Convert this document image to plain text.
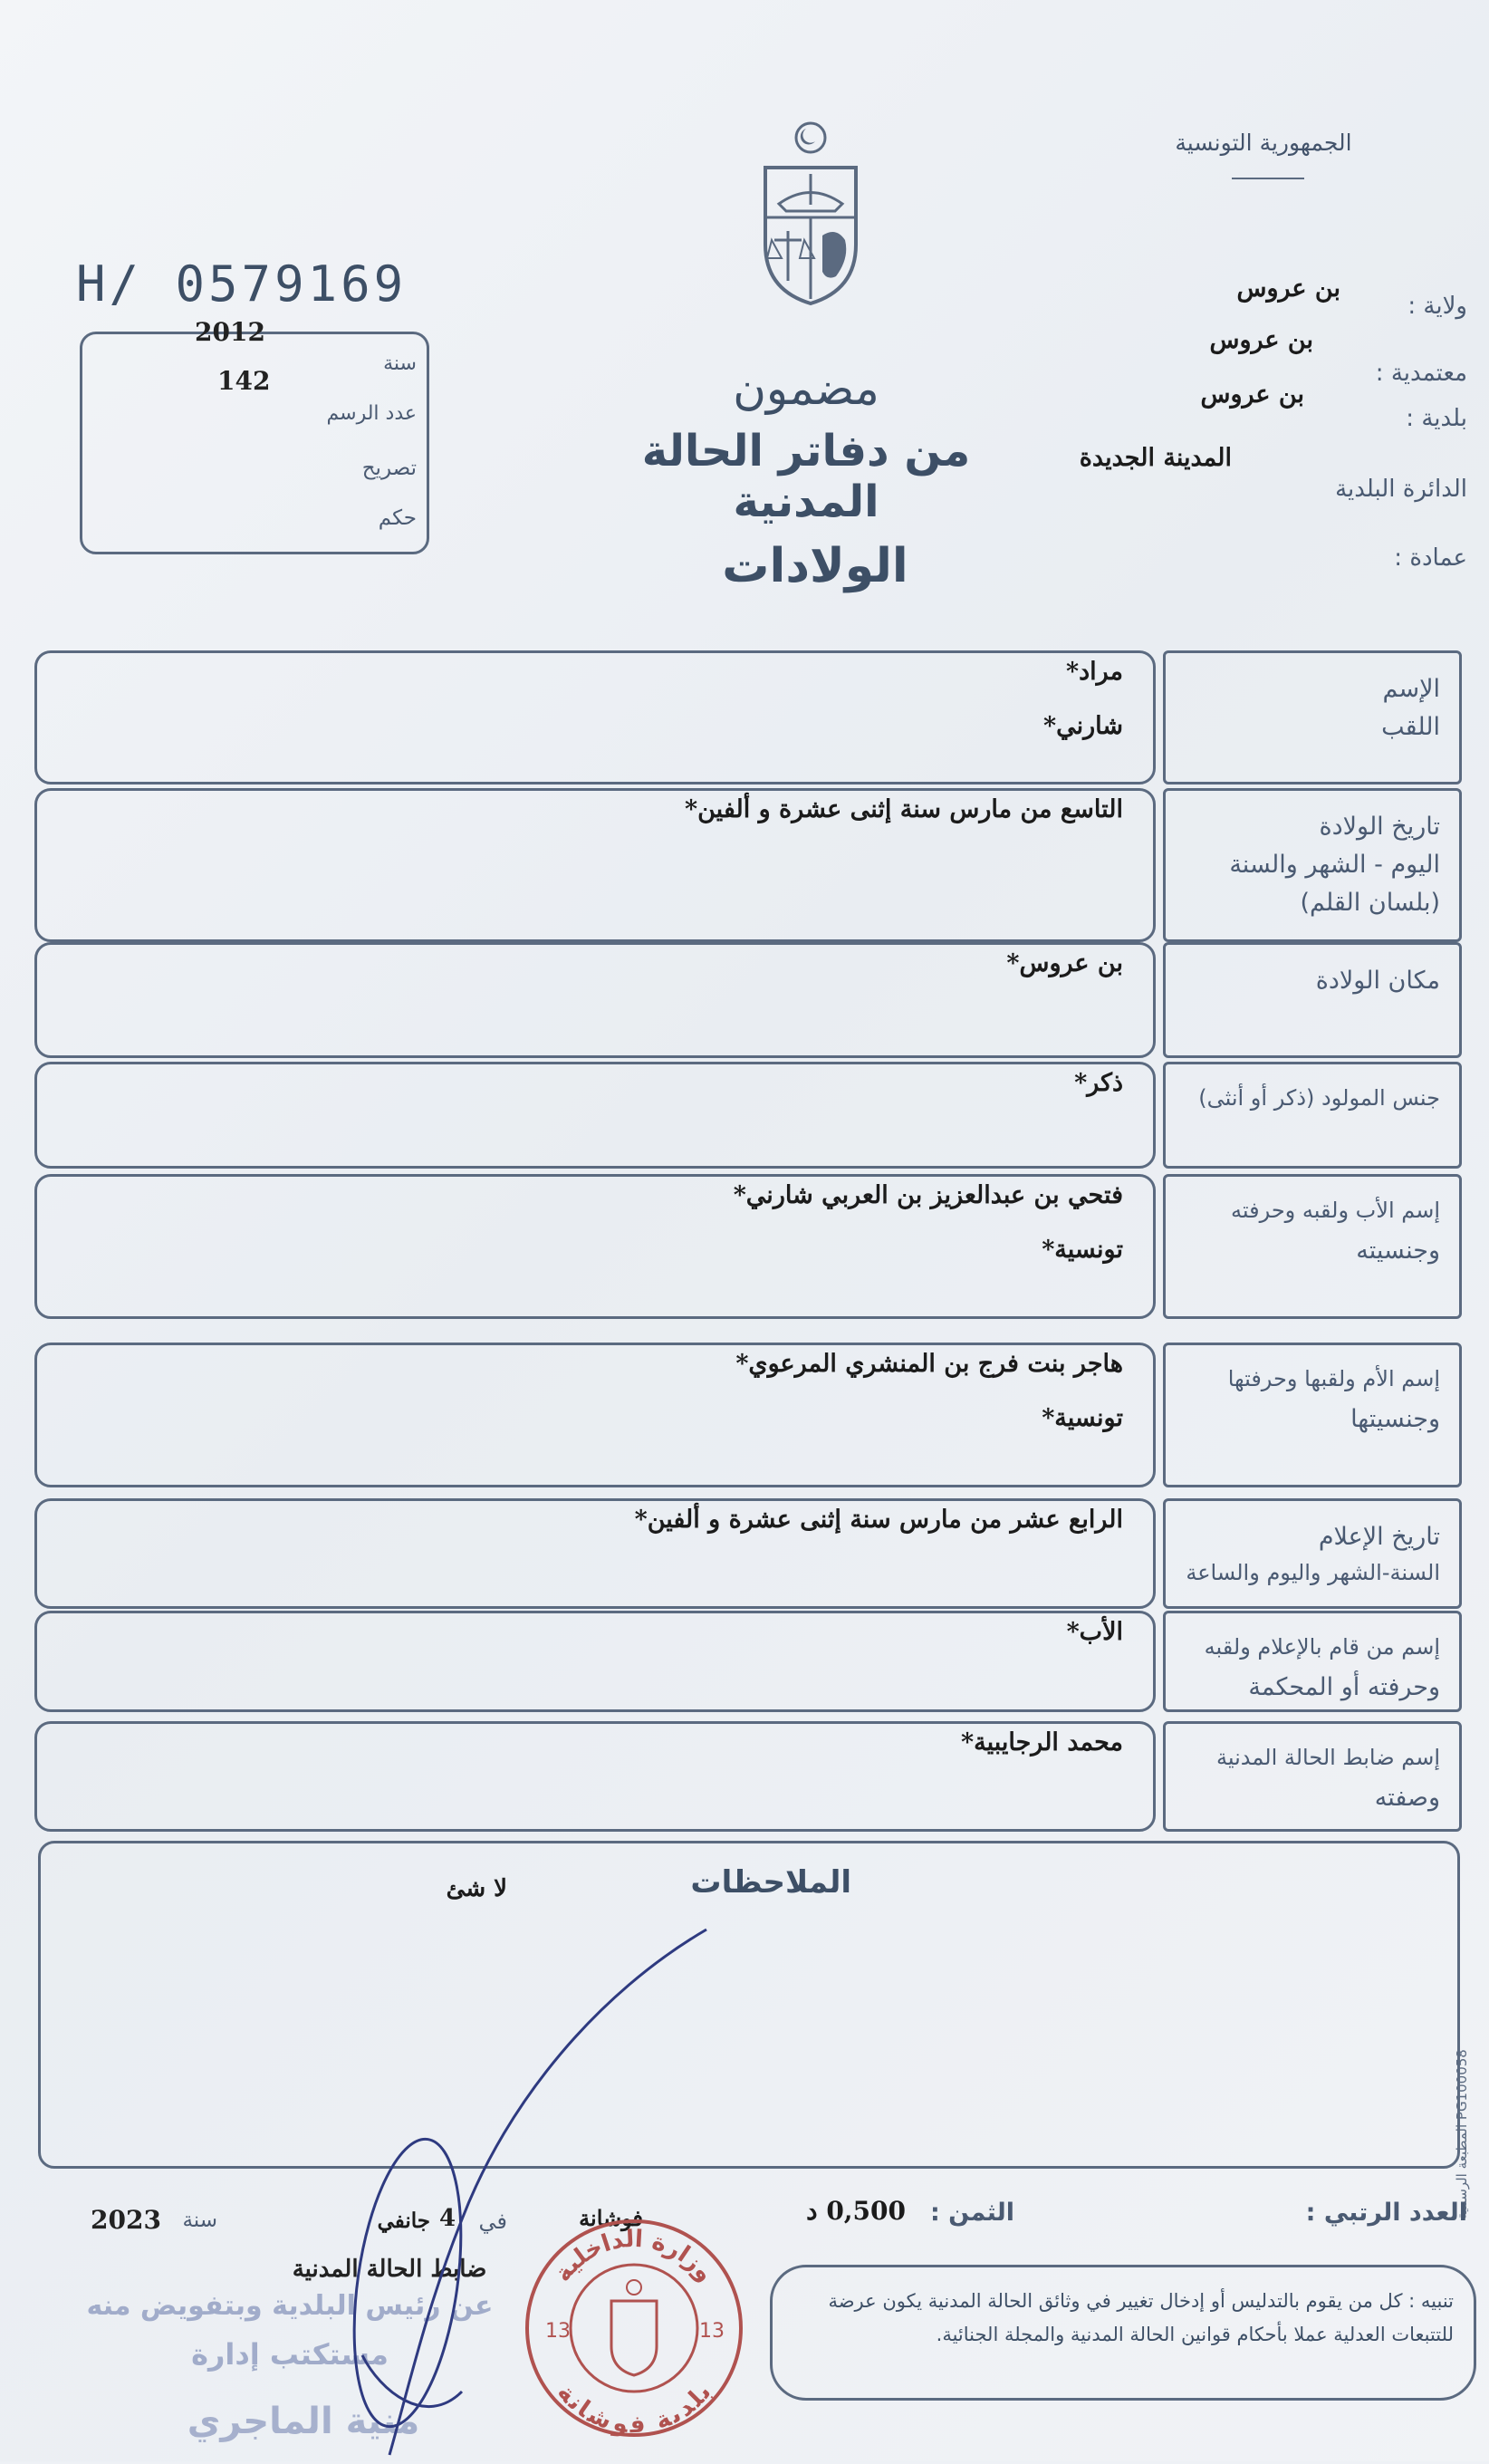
الجمهورية التونسية
H/ 0579169
2012
سنة
142
عدد الرسم
تصريح
حكم
ولاية :
بن عروس
معتمدية :
بن عروس
بلدية :
بن عروس
الدائرة البلدية
المدينة الجديدة
عمادة :
مضمون
من دفاتر الحالة المدنية
الولادات
الإسم
اللقب
مراد*
شارني*
تاريخ الولادة
اليوم - الشهر والسنة
(بلسان القلم)
التاسع من مارس سنة إثنى عشرة و ألفين*
مكان الولادة
بن عروس*
جنس المولود (ذكر أو أنثى)
ذكر*
إسم الأب ولقبه وحرفته
وجنسيته
فتحي بن عبدالعزيز بن العربي شارني*
تونسية*
إسم الأم ولقبها وحرفتها
وجنسيتها
هاجر بنت فرج بن المنشري المرعوي*
تونسية*
تاريخ الإعلام
السنة-الشهر واليوم والساعة
الرابع عشر من مارس سنة إثنى عشرة و ألفين*
إسم من قام بالإعلام ولقبه
وحرفته أو المحكمة
الأب*
إسم ضابط الحالة المدنية
وصفته
محمد الرجايبية*
الملاحظات
لا شئ
المطبعة الرسمية PG100058
العدد الرتبي :
الثمن :
0,500 د
فوشانة
في
4
جانفي
سنة
2023
ضابط الحالة المدنية
عن رئيس البلدية وبتفويض منه
مستكتب إدارة
منية الماجري
وزارة الداخلية
بلدية فوشانة
13	13
تنبيه : كل من يقوم بالتدليس أو إدخال تغيير في وثائق الحالة المدنية يكون عرضة للتتبعات العدلية عملا بأحكام قوانين الحالة المدنية والمجلة الجنائية.
